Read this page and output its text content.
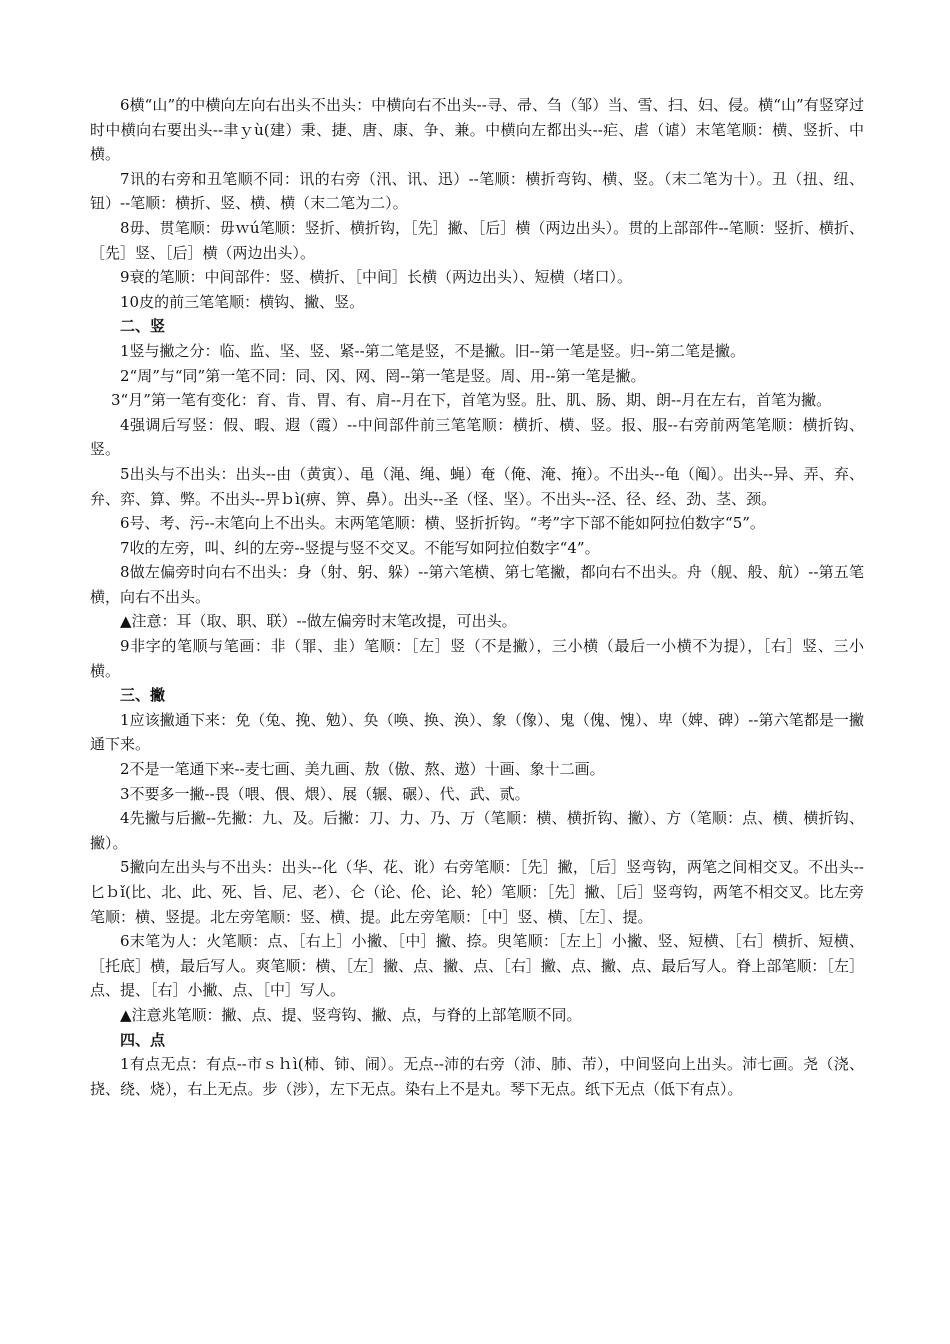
6横“山”的中横向左向右出头不出头：中横向右不出头--寻、帚、刍（邹）当、雪、扫、妇、侵。横“山”有竖穿过时中横向右要出头--聿ｙù(建）秉、捷、唐、康、争、兼。中横向左都出头--疟、虐（谑）末笔笔顺：横、竖折、中横。

7讯的右旁和丑笔顺不同：讯的右旁（汛、讯、迅）--笔顺：横折弯钩、横、竖。（末二笔为十）。丑（扭、纽、钮）--笔顺：横折、竖、横、横（末二笔为二）。

8毋、贯笔顺：毋ｗú笔顺：竖折、横折钩，［先］撇、［后］横（两边出头）。贯的上部部件--笔顺：竖折、横折、［先］竖、［后］横（两边出头）。

9衰的笔顺：中间部件：竖、横折、［中间］长横（两边出头）、短横（堵口）。

10皮的前三笔笔顺：横钩、撇、竖。

二、竖

1竖与撇之分：临、监、坚、竖、紧--第二笔是竖，不是撇。旧--第一笔是竖。归--第二笔是撇。

2“周”与“同”第一笔不同：同、冈、网、罔--第一笔是竖。周、用--第一笔是撇。

3“月”第一笔有变化：育、肯、胃、有、肩--月在下，首笔为竖。肚、肌、肠、期、朗--月在左右，首笔为撇。

4强调后写竖：假、暇、遐（霞）--中间部件前三笔笔顺：横折、横、竖。报、服--右旁前两笔笔顺：横折钩、竖。

5出头与不出头：出头--由（黄寅）、黾（渑、绳、蝇）奄（俺、淹、掩）。不出头--龟（阄）。出头--异、弄、弃、弁、弈、算、弊。不出头--畀ｂì(痹、箅、鼻）。出头--圣（怪、坚）。不出头--泾、径、经、劲、茎、颈。

6号、考、污--末笔向上不出头。末两笔笔顺：横、竖折折钩。“考”字下部不能如阿拉伯数字“5”。

7收的左旁，叫、纠的左旁--竖提与竖不交叉。不能写如阿拉伯数字“4”。

8做左偏旁时向右不出头：身（射、躬、躲）--第六笔横、第七笔撇，都向右不出头。舟（舰、般、航）--第五笔横，向右不出头。

▲注意：耳（取、职、联）--做左偏旁时末笔改提，可出头。

9非字的笔顺与笔画：非（罪、韭）笔顺：［左］竖（不是撇），三小横（最后一小横不为提），［右］竖、三小横。

三、撇

1应该撇通下来：免（兔、挽、勉）、奂（唤、换、涣）、象（像）、鬼（傀、愧）、卑（婢、碑）--第六笔都是一撇通下来。

2不是一笔通下来--麦七画、美九画、敖（傲、熬、遨）十画、象十二画。

3不要多一撇--畏（喂、偎、煨）、展（辗、碾）、代、武、贰。

4先撇与后撇--先撇：九、及。后撇：刀、力、乃、万（笔顺：横、横折钩、撇）、方（笔顺：点、横、横折钩、撇）。

5撇向左出头与不出头：出头--化（华、花、讹）右旁笔顺：［先］撇，［后］竖弯钩，两笔之间相交叉。不出头--匕ｂǐ(比、北、此、死、旨、尼、老）、仑（论、伦、论、轮）笔顺：［先］撇、［后］竖弯钩，两笔不相交叉。比左旁笔顺：横、竖提。北左旁笔顺：竖、横、提。此左旁笔顺：［中］竖、横、［左］、提。

6末笔为人：火笔顺：点、［右上］小撇、［中］撇、捺。臾笔顺：［左上］小撇、竖、短横、［右］横折、短横、［托底］横，最后写人。爽笔顺：横、［左］撇、点、撇、点、［右］撇、点、撇、点、最后写人。脊上部笔顺：［左］点、提、［右］小撇、点、［中］写人。

▲注意兆笔顺：撇、点、提、竖弯钩、撇、点，与脊的上部笔顺不同。

四、点

1有点无点：有点--市ｓｈì(柿、铈、闹）。无点--沛的右旁（沛、肺、芾），中间竖向上出头。沛七画。尧（浇、挠、绕、烧），右上无点。步（涉），左下无点。染右上不是丸。琴下无点。纸下无点（低下有点）。
